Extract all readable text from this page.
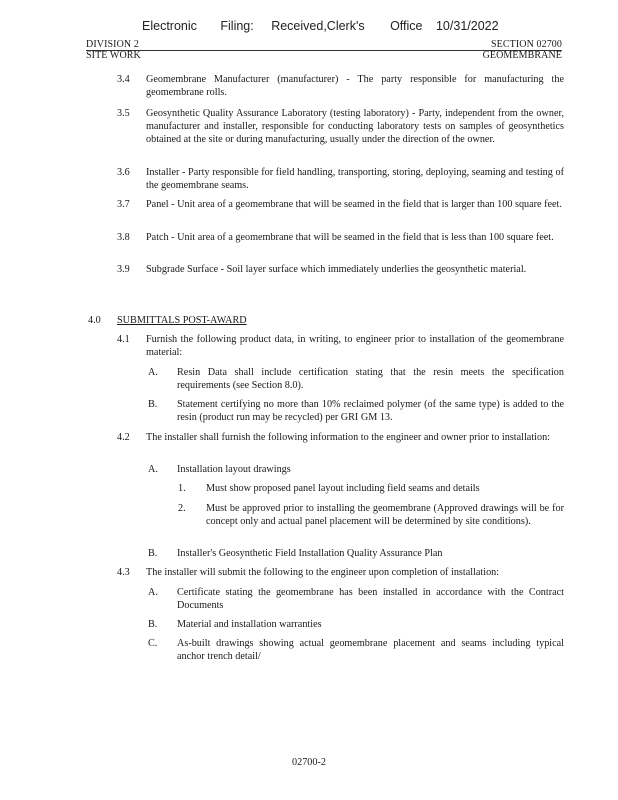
Electronic Filing: Received,Clerk's Office 10/31/2022
DIVISION 2
SITE WORK
SECTION 02700
GEOMEMBRANE
3.4 Geomembrane Manufacturer (manufacturer) - The party responsible for manufacturing the geomembrane rolls.
3.5 Geosynthetic Quality Assurance Laboratory (testing laboratory) - Party, independent from the owner, manufacturer and installer, responsible for conducting laboratory tests on samples of geosynthetics obtained at the site or during manufacturing, usually under the direction of the owner.
3.6 Installer - Party responsible for field handling, transporting, storing, deploying, seaming and testing of the geomembrane seams.
3.7 Panel - Unit area of a geomembrane that will be seamed in the field that is larger than 100 square feet.
3.8 Patch - Unit area of a geomembrane that will be seamed in the field that is less than 100 square feet.
3.9 Subgrade Surface - Soil layer surface which immediately underlies the geosynthetic material.
4.0 SUBMITTALS POST-AWARD
4.1 Furnish the following product data, in writing, to engineer prior to installation of the geomembrane material:
A. Resin Data shall include certification stating that the resin meets the specification requirements (see Section 8.0).
B. Statement certifying no more than 10% reclaimed polymer (of the same type) is added to the resin (product run may be recycled) per GRI GM 13.
4.2 The installer shall furnish the following information to the engineer and owner prior to installation:
A. Installation layout drawings
1. Must show proposed panel layout including field seams and details
2. Must be approved prior to installing the geomembrane (Approved drawings will be for concept only and actual panel placement will be determined by site conditions).
B. Installer's Geosynthetic Field Installation Quality Assurance Plan
4.3 The installer will submit the following to the engineer upon completion of installation:
A. Certificate stating the geomembrane has been installed in accordance with the Contract Documents
B. Material and installation warranties
C. As-built drawings showing actual geomembrane placement and seams including typical anchor trench detail/
02700-2
